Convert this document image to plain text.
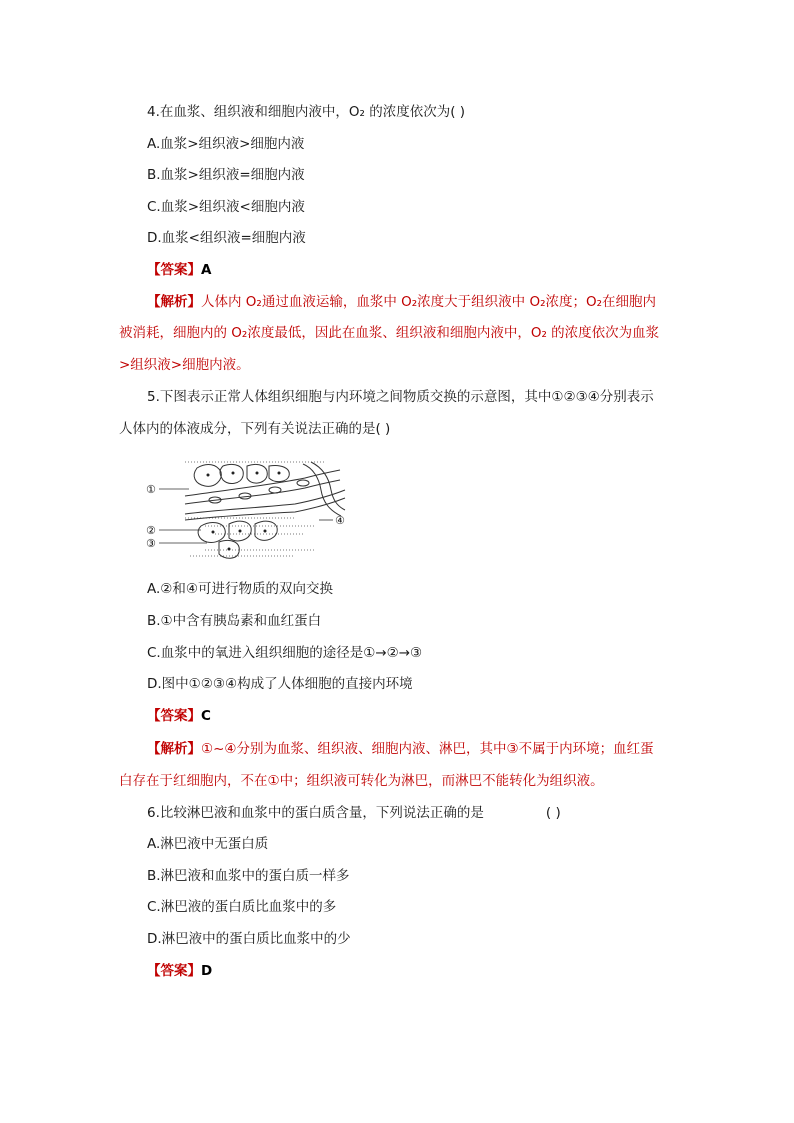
4.在血浆、组织液和细胞内液中，O₂ 的浓度依次为( )
A.血浆>组织液>细胞内液
B.血浆>组织液=细胞内液
C.血浆>组织液<细胞内液
D.血浆<组织液=细胞内液
【答案】A
【解析】人体内 O₂通过血液运输，血浆中 O₂浓度大于组织液中 O₂浓度；O₂在细胞内
被消耗，细胞内的 O₂浓度最低，因此在血浆、组织液和细胞内液中，O₂ 的浓度依次为血浆
>组织液>细胞内液。
5.下图表示正常人体组织细胞与内环境之间物质交换的示意图，其中①②③④分别表示
人体内的体液成分，下列有关说法正确的是( )
①
②
③
④
A.②和④可进行物质的双向交换
B.①中含有胰岛素和血红蛋白
C.血浆中的氧进入组织细胞的途径是①→②→③
D.图中①②③④构成了人体细胞的直接内环境
【答案】C
【解析】①~④分别为血浆、组织液、细胞内液、淋巴，其中③不属于内环境；血红蛋
白存在于红细胞内，不在①中；组织液可转化为淋巴，而淋巴不能转化为组织液。
6.比较淋巴液和血浆中的蛋白质含量，下列说法正确的是	( )
A.淋巴液中无蛋白质
B.淋巴液和血浆中的蛋白质一样多
C.淋巴液的蛋白质比血浆中的多
D.淋巴液中的蛋白质比血浆中的少
【答案】D
